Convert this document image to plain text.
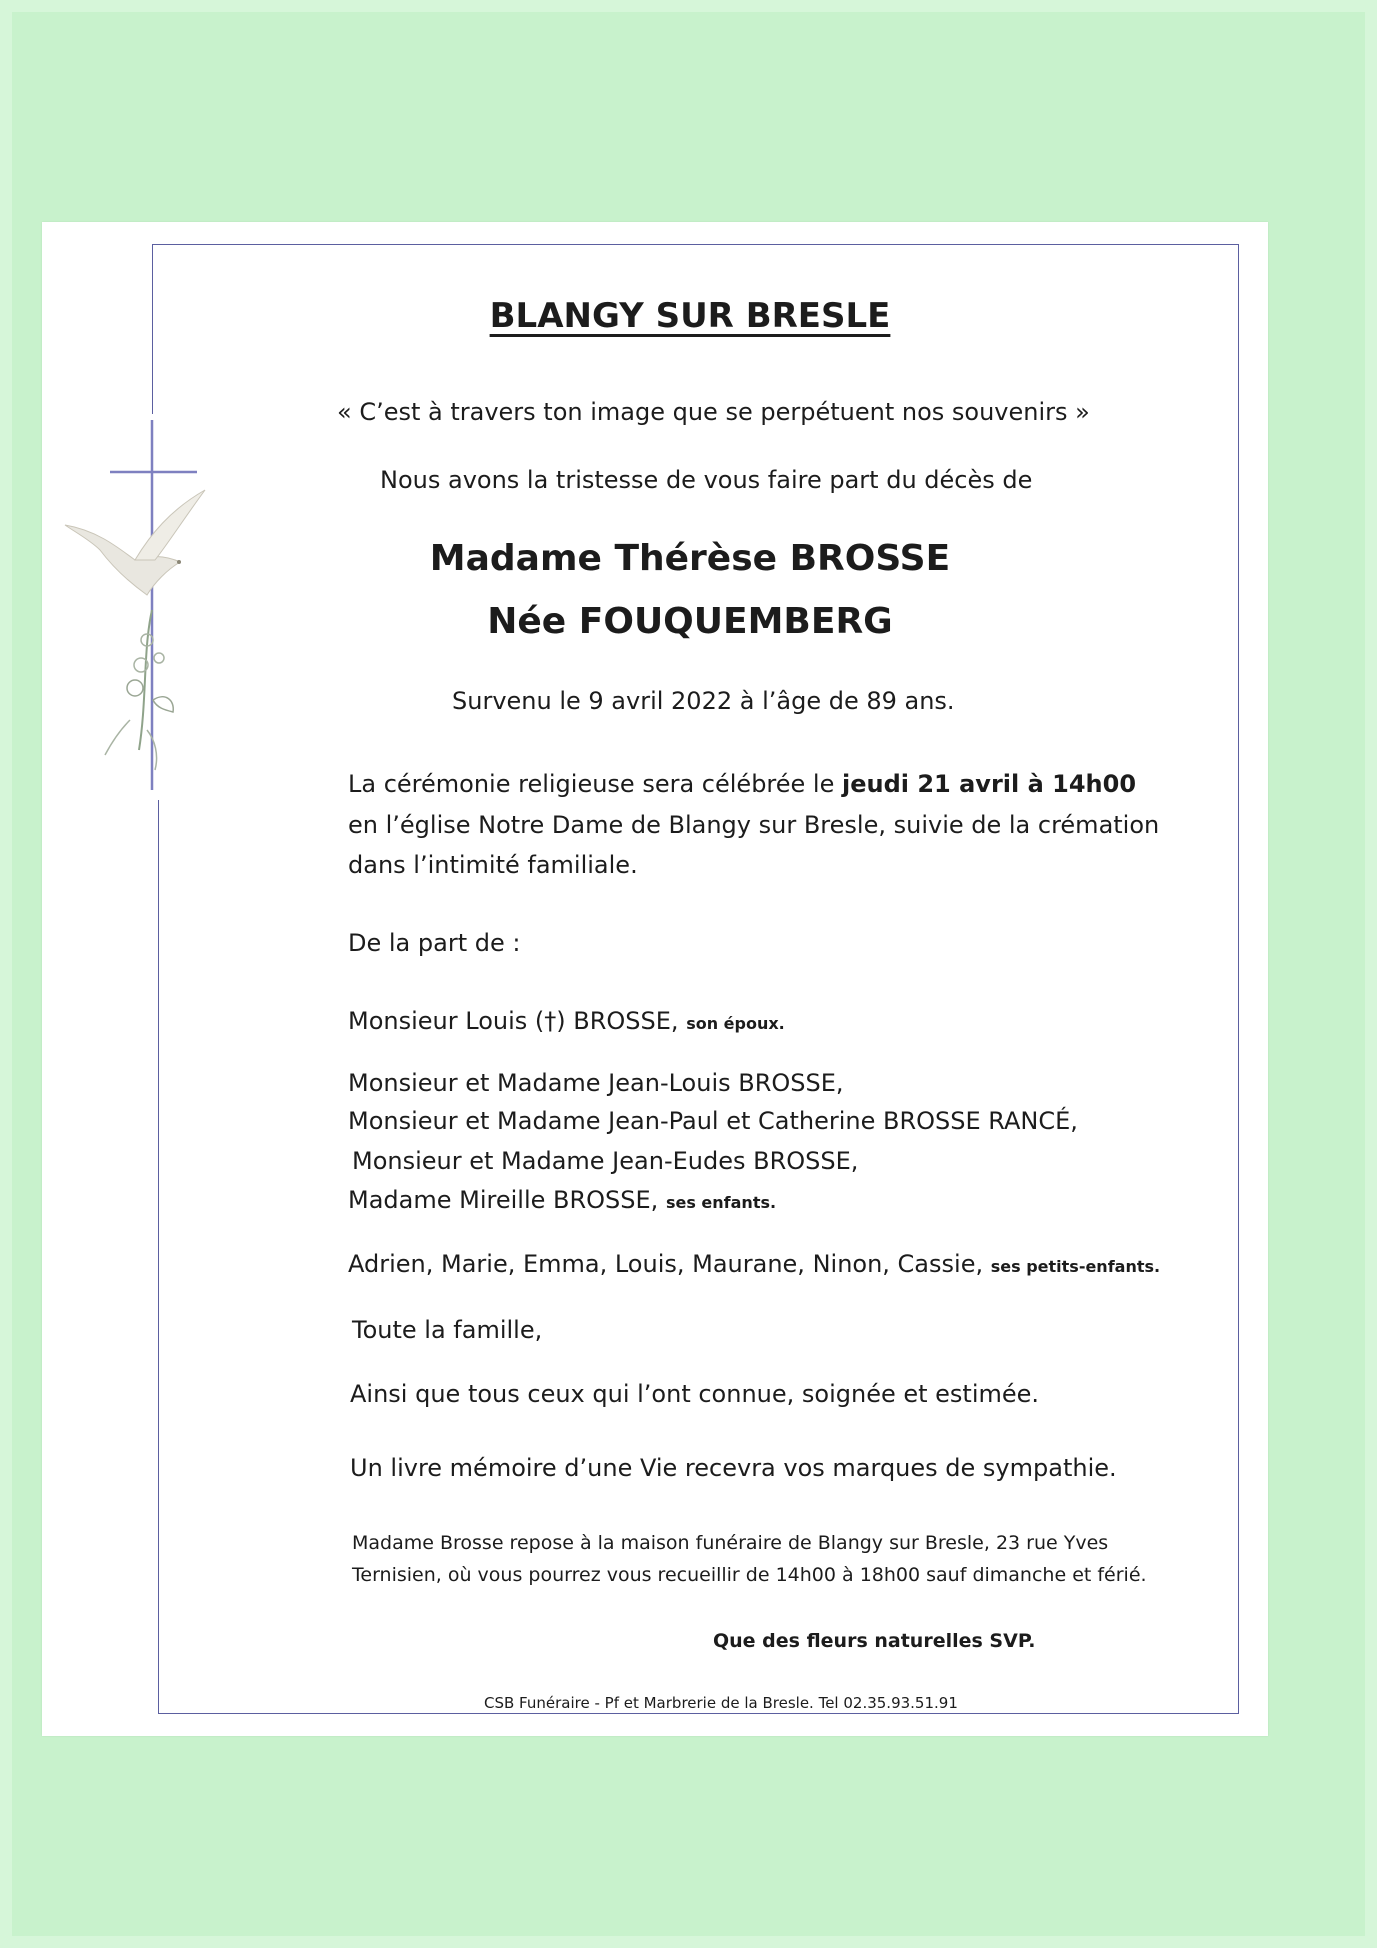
BLANGY SUR BRESLE
« C’est à travers ton image que se perpétuent nos souvenirs »
Nous avons la tristesse de vous faire part du décès de
Madame Thérèse BROSSE
Née FOUQUEMBERG
Survenu le 9 avril 2022 à l’âge de 89 ans.
La cérémonie religieuse sera célébrée le jeudi 21 avril à 14h00
en l’église Notre Dame de Blangy sur Bresle, suivie de la crémation
dans l’intimité familiale.
De la part de :
Monsieur Louis (†) BROSSE, son époux.
Monsieur et Madame Jean-Louis BROSSE,
Monsieur et Madame Jean-Paul et Catherine BROSSE RANCÉ,
Monsieur et Madame Jean-Eudes BROSSE,
Madame Mireille BROSSE, ses enfants.
Adrien, Marie, Emma, Louis, Maurane, Ninon, Cassie, ses petits-enfants.
Toute la famille,
Ainsi que tous ceux qui l’ont connue, soignée et estimée.
Un livre mémoire d’une Vie recevra vos marques de sympathie.
Madame Brosse repose à la maison funéraire de Blangy sur Bresle, 23 rue Yves
Ternisien, où vous pourrez vous recueillir de 14h00 à 18h00 sauf dimanche et férié.
Que des fleurs naturelles SVP.
CSB Funéraire - Pf et Marbrerie de la Bresle. Tel 02.35.93.51.91
